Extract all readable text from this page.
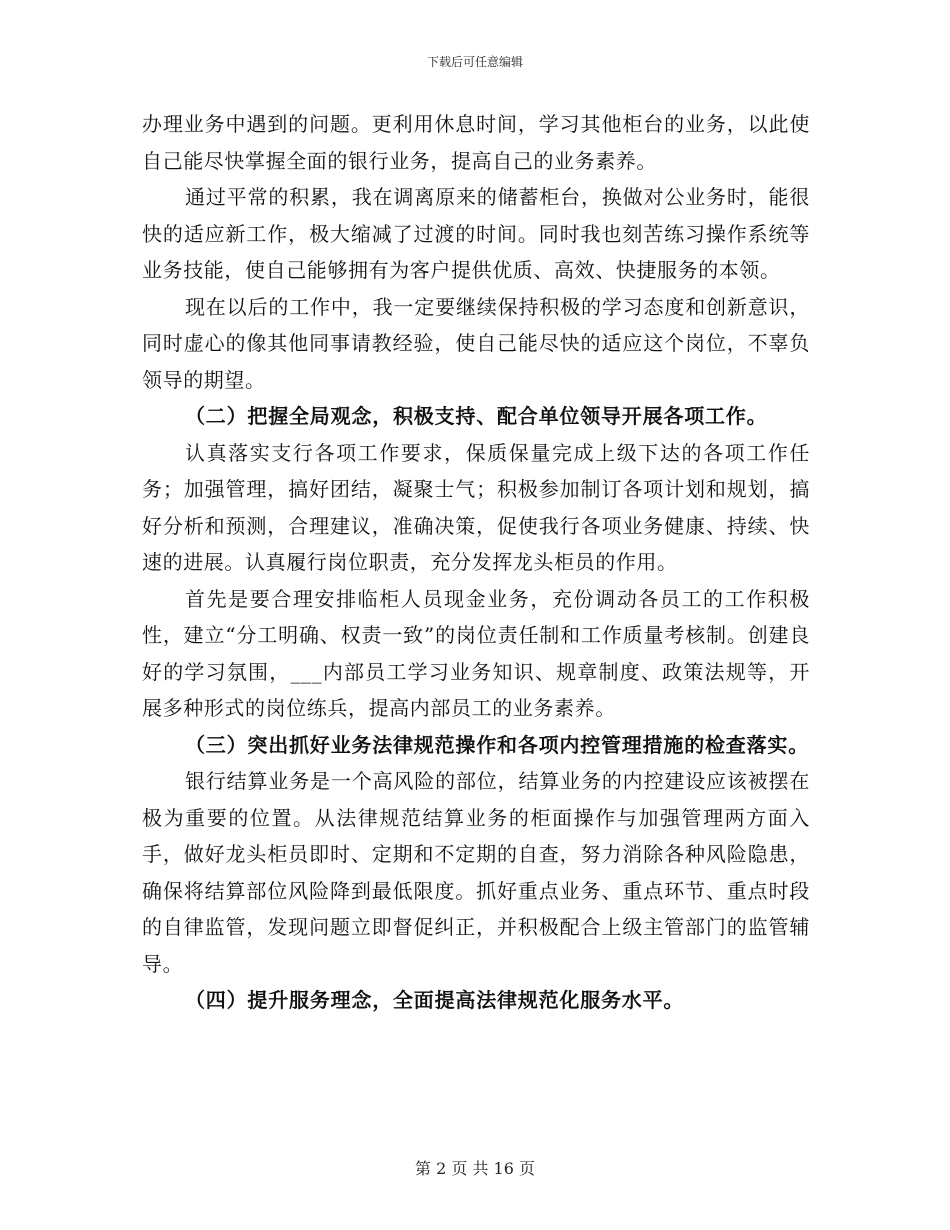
下载后可任意编辑

办理业务中遇到的问题。更利用休息时间，学习其他柜台的业务，以此使自己能尽快掌握全面的银行业务，提高自己的业务素养。

通过平常的积累，我在调离原来的储蓄柜台，换做对公业务时，能很快的适应新工作，极大缩减了过渡的时间。同时我也刻苦练习操作系统等业务技能，使自己能够拥有为客户提供优质、高效、快捷服务的本领。

现在以后的工作中，我一定要继续保持积极的学习态度和创新意识，同时虚心的像其他同事请教经验，使自己能尽快的适应这个岗位，不辜负领导的期望。

（二）把握全局观念，积极支持、配合单位领导开展各项工作。

认真落实支行各项工作要求，保质保量完成上级下达的各项工作任务；加强管理，搞好团结，凝聚士气；积极参加制订各项计划和规划，搞好分析和预测，合理建议，准确决策，促使我行各项业务健康、持续、快速的进展。认真履行岗位职责，充分发挥龙头柜员的作用。

首先是要合理安排临柜人员现金业务，充份调动各员工的工作积极性，建立“分工明确、权责一致”的岗位责任制和工作质量考核制。创建良好的学习氛围，___内部员工学习业务知识、规章制度、政策法规等，开展多种形式的岗位练兵，提高内部员工的业务素养。

（三）突出抓好业务法律规范操作和各项内控管理措施的检查落实。

银行结算业务是一个高风险的部位，结算业务的内控建设应该被摆在极为重要的位置。从法律规范结算业务的柜面操作与加强管理两方面入手，做好龙头柜员即时、定期和不定期的自查，努力消除各种风险隐患，确保将结算部位风险降到最低限度。抓好重点业务、重点环节、重点时段的自律监管，发现问题立即督促纠正，并积极配合上级主管部门的监管辅导。

（四）提升服务理念，全面提高法律规范化服务水平。

第 2 页 共 16 页
